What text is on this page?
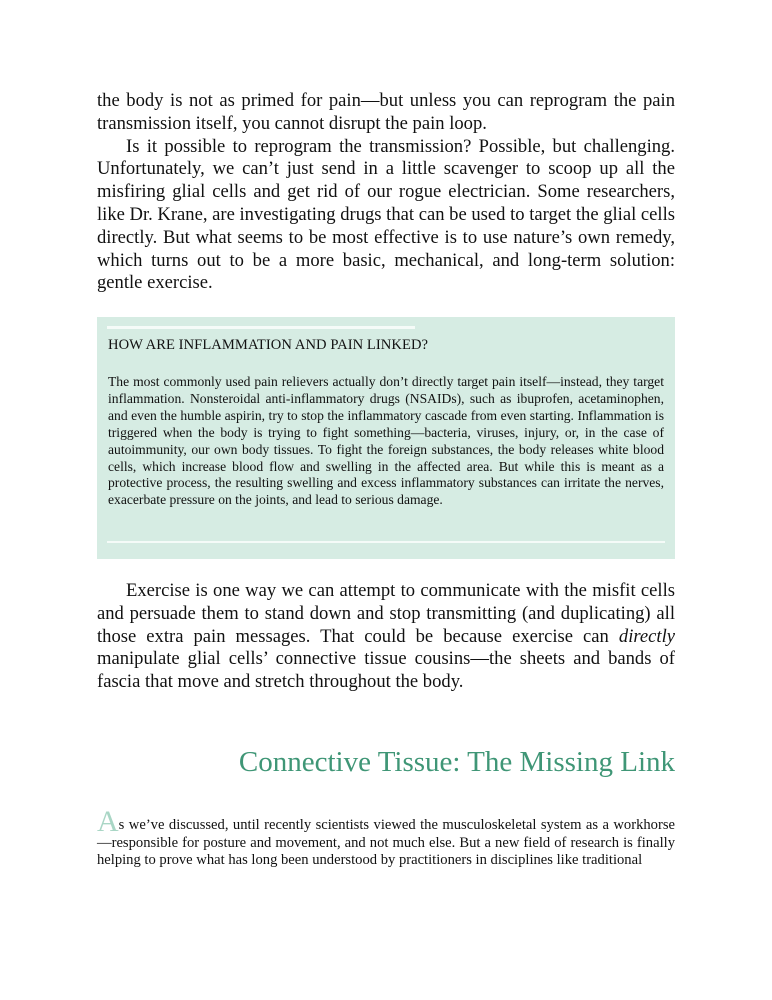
the body is not as primed for pain—but unless you can reprogram the pain transmission itself, you cannot disrupt the pain loop.

Is it possible to reprogram the transmission? Possible, but challenging. Unfortunately, we can’t just send in a little scavenger to scoop up all the misfiring glial cells and get rid of our rogue electrician. Some researchers, like Dr. Krane, are investigating drugs that can be used to target the glial cells directly. But what seems to be most effective is to use nature’s own remedy, which turns out to be a more basic, mechanical, and long-term solution: gentle exercise.

HOW ARE INFLAMMATION AND PAIN LINKED?

The most commonly used pain relievers actually don’t directly target pain itself—instead, they target inflammation. Nonsteroidal anti-inflammatory drugs (NSAIDs), such as ibuprofen, acetaminophen, and even the humble aspirin, try to stop the inflammatory cascade from even starting. Inflammation is triggered when the body is trying to fight something—bacteria, viruses, injury, or, in the case of autoimmunity, our own body tissues. To fight the foreign substances, the body releases white blood cells, which increase blood flow and swelling in the affected area. But while this is meant as a protective process, the resulting swelling and excess inflammatory substances can irritate the nerves, exacerbate pressure on the joints, and lead to serious damage.

Exercise is one way we can attempt to communicate with the misfit cells and persuade them to stand down and stop transmitting (and duplicating) all those extra pain messages. That could be because exercise can directly manipulate glial cells’ connective tissue cousins—the sheets and bands of fascia that move and stretch throughout the body.

Connective Tissue: The Missing Link

As we’ve discussed, until recently scientists viewed the musculoskeletal system as a workhorse—responsible for posture and movement, and not much else. But a new field of research is finally helping to prove what has long been understood by practitioners in disciplines like traditional
